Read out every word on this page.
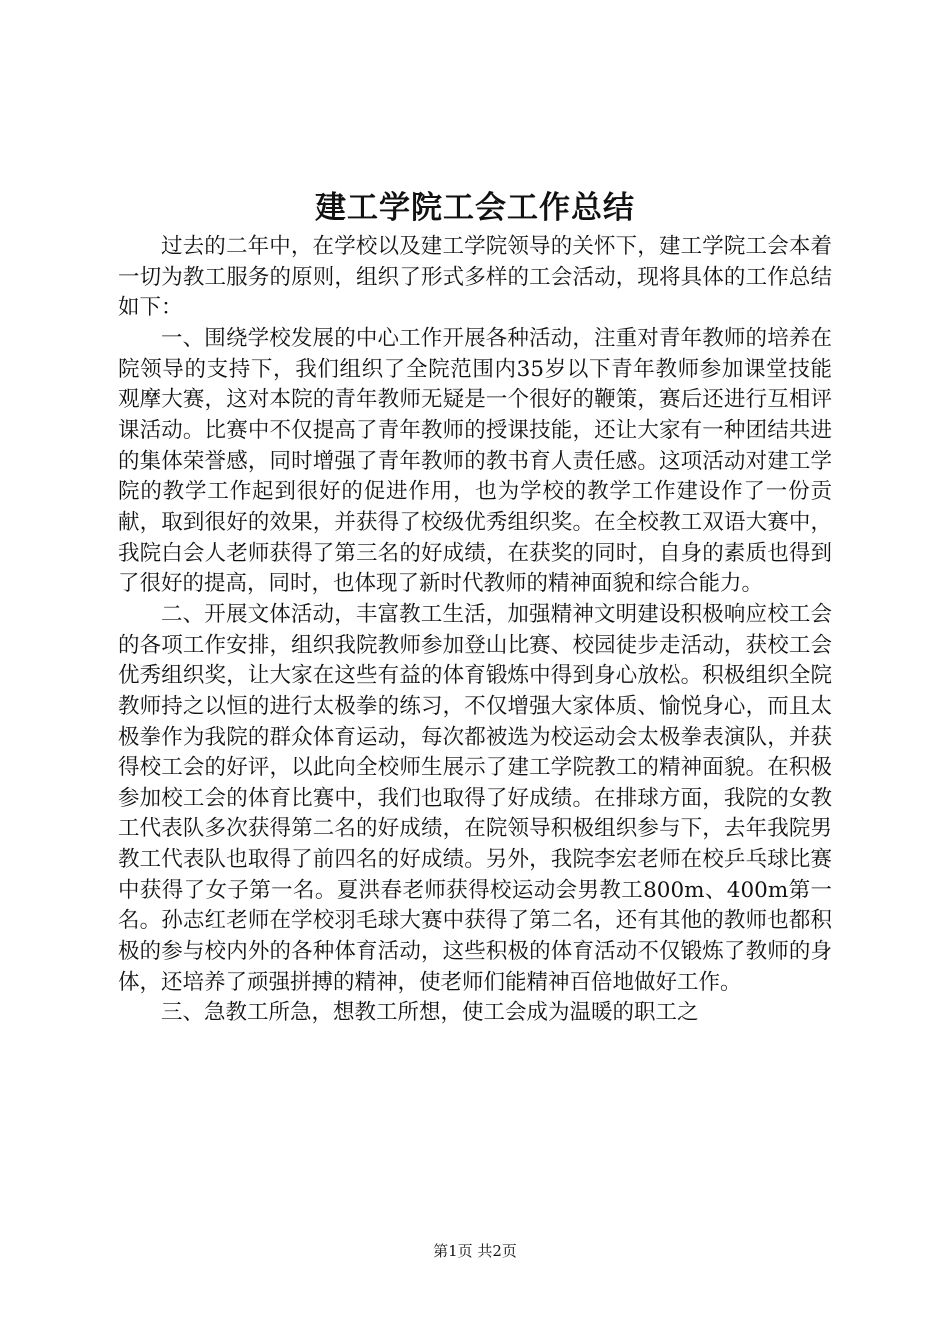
建工学院工会工作总结

过去的二年中，在学校以及建工学院领导的关怀下，建工学院工会本着一切为教工服务的原则，组织了形式多样的工会活动，现将具体的工作总结如下：

一、围绕学校发展的中心工作开展各种活动，注重对青年教师的培养在院领导的支持下，我们组织了全院范围内35岁以下青年教师参加课堂技能观摩大赛，这对本院的青年教师无疑是一个很好的鞭策，赛后还进行互相评课活动。比赛中不仅提高了青年教师的授课技能，还让大家有一种团结共进的集体荣誉感，同时增强了青年教师的教书育人责任感。这项活动对建工学院的教学工作起到很好的促进作用，也为学校的教学工作建设作了一份贡献，取到很好的效果，并获得了校级优秀组织奖。在全校教工双语大赛中，我院白会人老师获得了第三名的好成绩，在获奖的同时，自身的素质也得到了很好的提高，同时，也体现了新时代教师的精神面貌和综合能力。

二、开展文体活动，丰富教工生活，加强精神文明建设积极响应校工会的各项工作安排，组织我院教师参加登山比赛、校园徒步走活动，获校工会优秀组织奖，让大家在这些有益的体育锻炼中得到身心放松。积极组织全院教师持之以恒的进行太极拳的练习，不仅增强大家体质、愉悦身心，而且太极拳作为我院的群众体育运动，每次都被选为校运动会太极拳表演队，并获得校工会的好评，以此向全校师生展示了建工学院教工的精神面貌。在积极参加校工会的体育比赛中，我们也取得了好成绩。在排球方面，我院的女教工代表队多次获得第二名的好成绩，在院领导积极组织参与下，去年我院男教工代表队也取得了前四名的好成绩。另外，我院李宏老师在校乒乓球比赛中获得了女子第一名。夏洪春老师获得校运动会男教工800m、400m第一名。孙志红老师在学校羽毛球大赛中获得了第二名，还有其他的教师也都积极的参与校内外的各种体育活动，这些积极的体育活动不仅锻炼了教师的身体，还培养了顽强拼搏的精神，使老师们能精神百倍地做好工作。

三、急教工所急，想教工所想，使工会成为温暖的职工之

第1页 共2页
